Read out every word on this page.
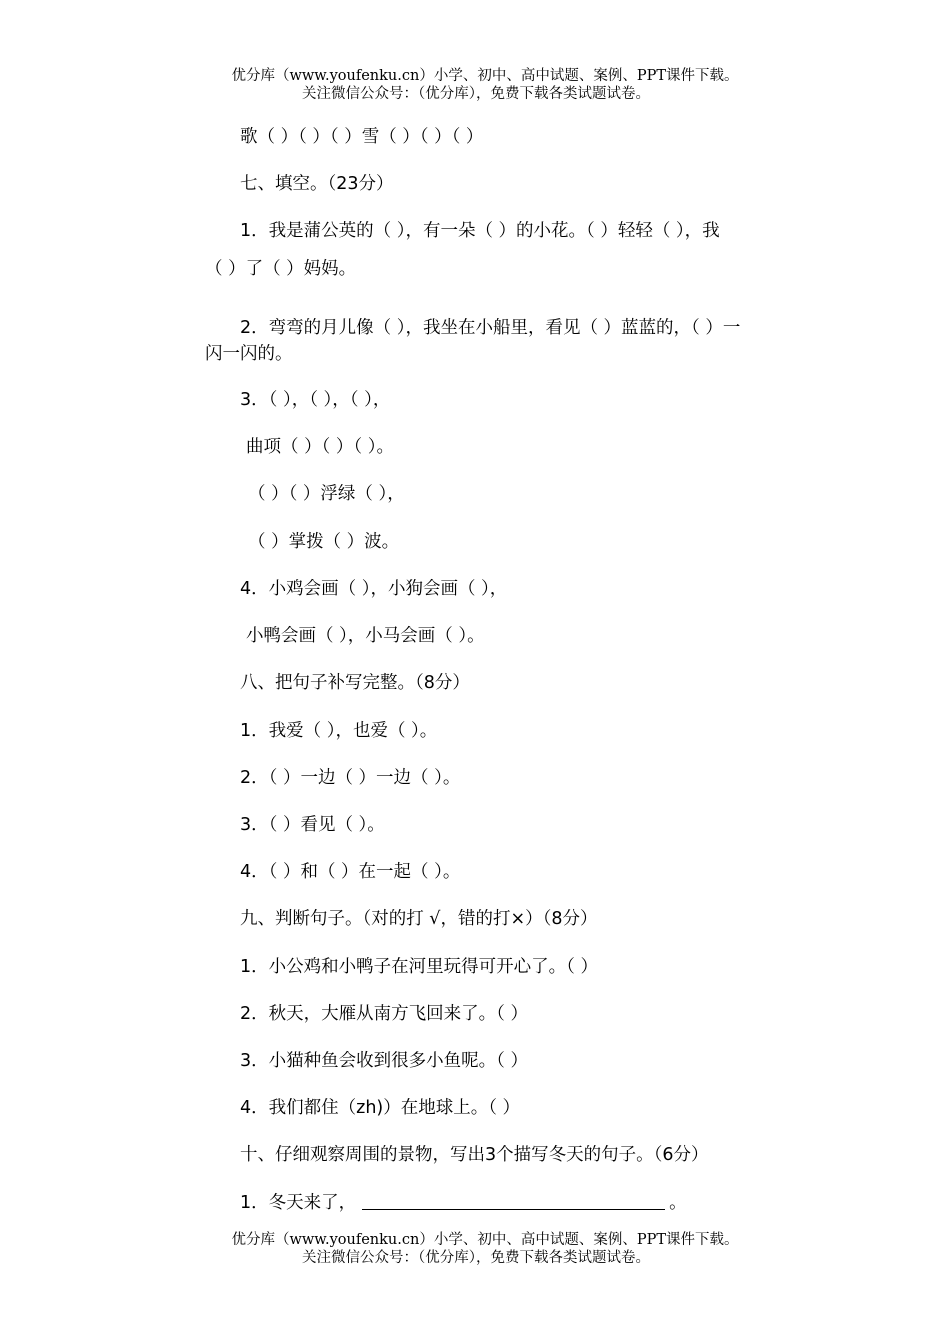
优分库（www.youfenku.cn）小学、初中、高中试题、案例、PPT课件下载。
关注微信公众号：（优分库），免费下载各类试题试卷。
歌（ ）（ ）（ ）雪（ ）（ ）（ ）
七、填空。（23分）
1．我是蒲公英的（ ），有一朵（ ）的小花。（ ）轻轻（ ），我
（ ）了（ ）妈妈。
2．弯弯的月儿像（ ），我坐在小船里，看见（ ）蓝蓝的，（ ）一
闪一闪的。
3．（ ），（ ），（ ），
曲项（ ）（ ）（ ）。
（ ）（ ）浮绿（ ），
（ ）掌拨（ ）波。
4．小鸡会画（ ），小狗会画（ ），
小鸭会画（ ），小马会画（ ）。
八、把句子补写完整。（8分）
1．我爱（ ），也爱（ ）。
2．（ ）一边（ ）一边（ ）。
3．（ ）看见（ ）。
4．（ ）和（ ）在一起（ ）。
九、判断句子。（对的打 √，错的打×）（8分）
1．小公鸡和小鸭子在河里玩得可开心了。（ ）
2．秋天，大雁从南方飞回来了。（ ）
3．小猫种鱼会收到很多小鱼呢。（ ）
4．我们都住（zh)）在地球上。（ ）
十、仔细观察周围的景物，写出3个描写冬天的句子。（6分）
1．冬天来了，	。
优分库（www.youfenku.cn）小学、初中、高中试题、案例、PPT课件下载。
关注微信公众号：（优分库），免费下载各类试题试卷。
